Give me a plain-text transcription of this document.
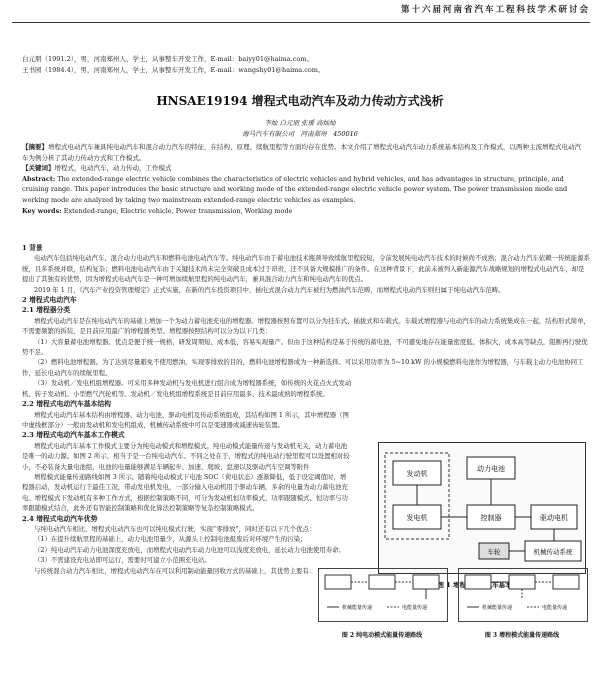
第十六届河南省汽车工程科技学术研讨会
白元朋（1991.2），男，河南郑州人，学士，从事整车开发工作，E-mail：baiyy01@haima.com。
王书园（1984.4），男，河南郑州人，学士，从事整车开发工作，E-mail：wangshy01@haima.com。
HNSAE19194 增程式电动汽车及动力传动方式浅析
李灿 白元朋 张瑗 高灿灿
海马汽车有限公司　河南郑州　450016

【摘要】增程式电动汽车兼具纯电动汽车和混合动力汽车的特征，在结构、原理、续航里程等方面均存在优势。本文介绍了增程式电动汽车动力系统基本结构及工作模式，以两种主流增程式电动汽车为例分析了其动力传动方式和工作模式。

【关键词】增程式，电动汽车，动力传动，工作模式

Abstract: The extended-range electric vehicle combines the characteristics of electric vehicles and hybrid vehicles, and has advantages in structure, principle, and cruising range. This paper introduces the basic structure and working mode of the extended-range electric vehicle power system. The power transmission mode and working mode are analyzed by taking two mainstream extended-range electric vehicles as examples.

Key words: Extended-range, Electric vehicle, Power transmission, Working mode

1 背景

电动汽车包括纯电动汽车、混合动力电动汽车和燃料电池电动汽车等。纯电动汽车由于蓄电池技术瓶颈导致续航里程较短，令前发展纯电动汽车技术的时候尚不成熟；混合动力汽车依赖一传统能源系统，且多系统并联，结构复杂；燃料电池电动汽车由于关键技术尚未完全突破且成本过于昂贵，还不具备大规模推广的条件。在这种背景下，此前未被列入新能源汽车战略规划的增程式电动汽车，却是提出了其独有的优势，因为增程式电动汽车是一种可增加续航里程的纯电动汽车，兼具混合动力汽车和纯电动汽车的优点。

2019 年 1 月，《汽车产业投资管理规定》正式实施，在新的汽车投资项目中，插电式混合动力汽车被归为燃油汽车范畴，而增程式电动汽车则归属于纯电动汽车范畴。

2 增程式电动汽车

2.1 增程器分类

增程式电动汽车是在纯电动汽车的基础上增加一个为动力蓄电池充电的增程器。增程器按照布置可以分为挂车式、插拔式和车载式。车载式增程器与电动汽车的动力系统集成在一起，结构形式简单，不需要频繁的拆装，是目前应用最广的增程器类型。增程器按照结构可以分为以下几类：

（1）大容量蓄电池增程器。优点是便于统一规格，研发周期短、成本低、容易实现量产。但由于这种结构是基于传统的蓄电池，不可避免地存在能量密度低、体积大、成本高等缺点，阻断再行驶优势不足。

（2）燃料电池增程器。为了达到尽量避免不使用燃油，实现零排放的目的，燃料电池增程器成为一种新选择。可以采用功率为 5~10 kW 的小规模燃料电池作为增程器，与车载主动力电池协同工作，延长电动汽车的续航里程。

（3）发动机／发电机组增程器。可采用多种发动机与发电机进行组合成为增程器系统，如传统的火花点火式发动机、转子发动机、小型燃气汽轮机等。发动机／发电机组增程系统是目前应用最多、技术最成熟的增程系统。

2.2 增程式电动汽车基本结构

增程式电动汽车基本结构由增程器、动力电池、驱动电机及传动系统组成，其结构如图 1 所示，其中增程器（图中虚线框部分）一般由发动机和发电机组成，机械传动系统中可以是变速器或减速齿轮装置。

2.3 增程式电动汽车基本工作模式

增程式电动汽车基本工作模式主要分为纯电动模式和增程模式。纯电动模式能量传递与发动机无关，动力蓄电池是唯一的动力源。如图 2 所示，相当于是一台纯电动汽车。不同之处在于，增程式的纯电动行驶里程可以设置相对较小，不必装备大量电池组，电池的电量能够满足车辆起步、加速、爬坡、怠速以及驱动汽车空调等附件

增程模式能量传递路线如图 3 所示。随着纯电动模式下电池 SOC（荷电状态）逐渐降低，低于设定阈值时，增程器启动，发动机运行于最佳工况，带动发电机发电，一部分输入电动机用于驱动车辆，多余的电量为动力蓄电池充电。增程模式下发动机有多种工作方式，根据控制策略不同，可分为发动机恒功率模式、功率跟随模式、恒功率与功率跟随模式结合，此外还有智能控制策略和优化算法控制策略等复杂控制策略模式。

2.4 增程式电动汽车优势

与纯电动汽车相比，增程式电动汽车也可以纯电模式行驶，实现“零排放”，同时还有以下几个优点：

（1）在提升续航里程的基础上，动力电池用量少，从源头上控制电池报废后对环境产生的污染；

（2）纯电动汽车动力电池深度充放电，而增程式电动汽车动力电池可以浅度充放电，延长动力电池使用寿命；

（3）不需建设充电站即可运行，需要时可建立小范围充电站。

与传统混合动力汽车相比，增程式电动汽车在可以利用制动能量回收方式的基础上，其优势主要有：

发动机
发电机
动力电池
控制器	驱动电机
机械传动系统
车轮
图 1
机械能量传递	电能量传递
图 2 纯电动模式能量传递路线
机械能量传递	电能量传递
图 3 增程模式能量传递路线
